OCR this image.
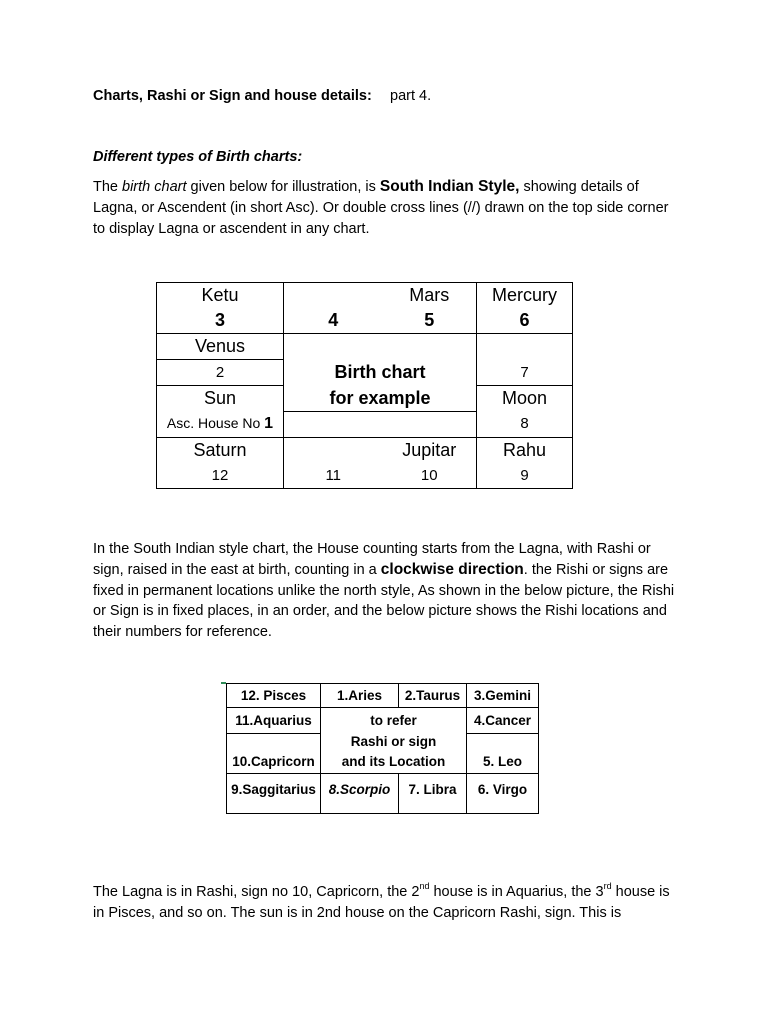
Charts, Rashi or Sign and house details: part 4.
Different types of Birth charts:

The birth chart given below for illustration, is South Indian Style, showing details of Lagna, or Ascendent (in short Asc). Or double cross lines (//) drawn on the top side corner to display Lagna or ascendent in any chart.

Ketu		Mars	Mercury
3	4	5	6
Venus			
2	Birth chart		7
Sun	for example		Moon
Asc. House No 1			8
Saturn		Jupitar	Rahu
12	11	10	9

In the South Indian style chart, the House counting starts from the Lagna, with Rashi or sign, raised in the east at birth, counting in a clockwise direction. the Rishi or signs are fixed in permanent locations unlike the north style, As shown in the below picture, the Rishi or Sign is in fixed places, in an order, and the below picture shows the Rishi locations and their numbers for reference.

12. Pisces	1.Aries	2.Taurus	3.Gemini
11.Aquarius	to refer		4.Cancer
	Rashi or sign		
10.Capricorn	and its Location		5. Leo
9.Saggitarius	8.Scorpio	7. Libra	6. Virgo

The Lagna is in Rashi, sign no 10, Capricorn, the 2nd house is in Aquarius, the 3rd house is in Pisces, and so on. The sun is in 2nd house on the Capricorn Rashi, sign. This is
